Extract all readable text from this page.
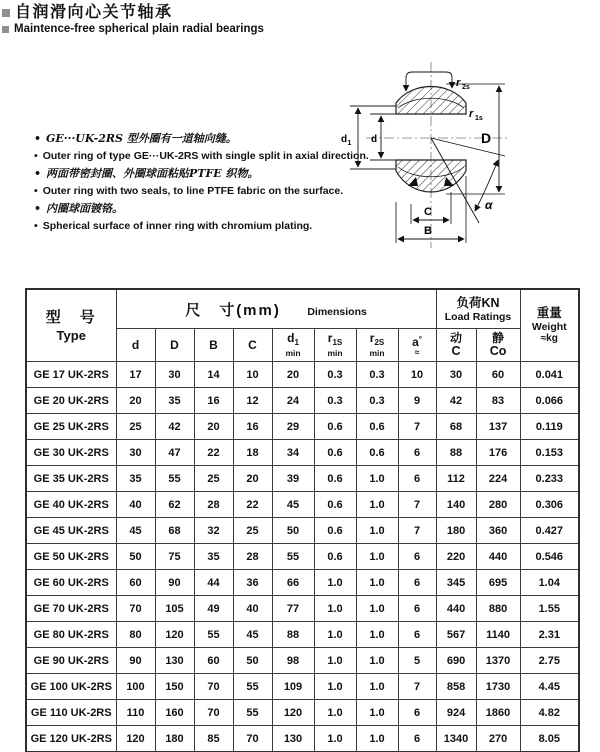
自润滑向心关节轴承
Maintence-free spherical plain radial bearings
• GE···UK-2RS 型外圈有一道轴向缝。
• Outer ring of type GE···UK-2RS with single split in axial direction.
• 两面带密封圈、外圈球面粘贴PTFE 织物。
• Outer ring with two seals, to line PTFE fabric on the surface.
• 内圈球面镀铬。
• Spherical surface of inner ring with chromium plating.
d 1 d	D
r 2s
r 1s
C
B
α
型　号
Type
	尺　寸(mm)	Dimensions	
负荷KN
Load Ratings	重量
Weight
≈kg

d	D	B	C	$d_1$
min

$r_{1S}$
min

$r_{2S}$
min

a°
≈

动
C

静
Co

GE 17 UK-2RS	17	30	14	10	20	0.3	0.3	10	30	60	0.041
GE 20 UK-2RS	20	35	16	12	24	0.3	0.3	9	42	83	0.066
GE 25 UK-2RS	25	42	20	16	29	0.6	0.6	7	68	137	0.119
GE 30 UK-2RS	30	47	22	18	34	0.6	0.6	6	88	176	0.153
GE 35 UK-2RS	35	55	25	20	39	0.6	1.0	6	112	224	0.233
GE 40 UK-2RS	40	62	28	22	45	0.6	1.0	7	140	280	0.306
GE 45 UK-2RS	45	68	32	25	50	0.6	1.0	7	180	360	0.427
GE 50 UK-2RS	50	75	35	28	55	0.6	1.0	6	220	440	0.546
GE 60 UK-2RS	60	90	44	36	66	1.0	1.0	6	345	695	1.04
GE 70 UK-2RS	70	105	49	40	77	1.0	1.0	6	440	880	1.55
GE 80 UK-2RS	80	120	55	45	88	1.0	1.0	6	567	1140	2.31
GE 90 UK-2RS	90	130	60	50	98	1.0	1.0	5	690	1370	2.75
GE 100 UK-2RS	100	150	70	55	109	1.0	1.0	7	858	1730	4.45
GE 110 UK-2RS	110	160	70	55	120	1.0	1.0	6	924	1860	4.82
GE 120 UK-2RS	120	180	85	70	130	1.0	1.0	6	1340	270	8.05
